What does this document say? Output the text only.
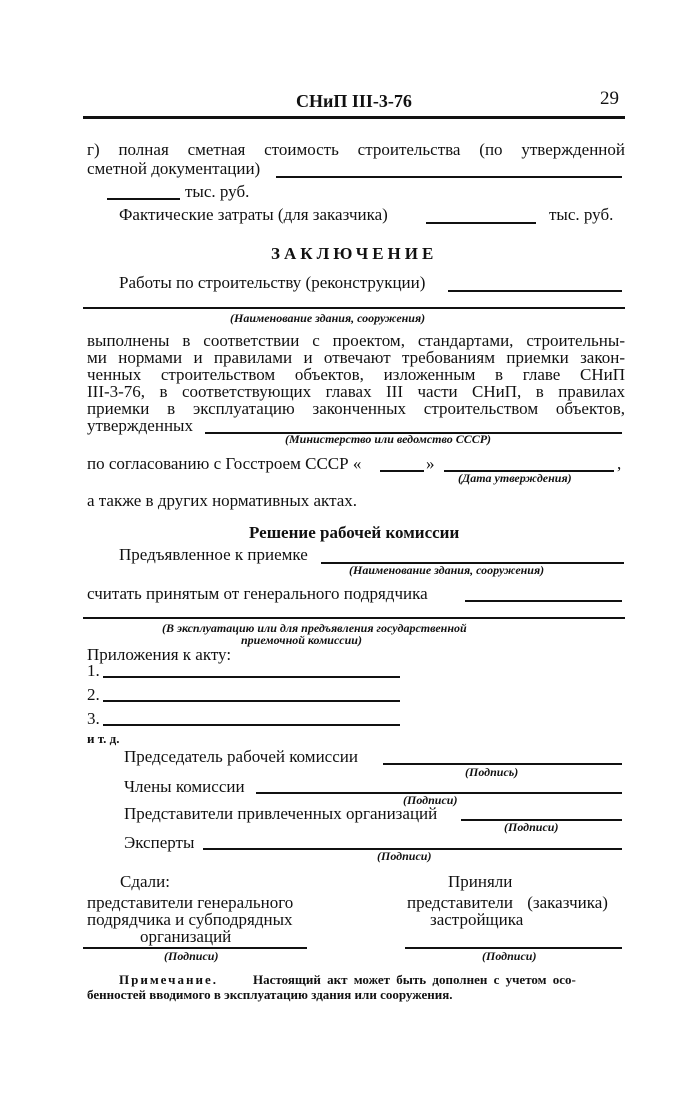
СНиП III-3-76	29
г) полная сметная стоимость строительства (по утвержденной
сметной документации)
тыс. руб.
Фактические затраты (для заказчика)	тыс. руб.
ЗАКЛЮЧЕНИЕ
Работы по строительству (реконструкции)
(Наименование здания, сооружения)
выполнены в соответствии с проектом, стандартами, строительны-
ми нормами и правилами и отвечают требованиям приемки закон-
ченных строительством объектов, изложенным в главе СНиП
III-3-76, в соответствующих главах III части СНиП, в правилах
приемки в эксплуатацию законченных строительством объектов,
утвержденных
(Министерство или ведомство СССР)
по согласованию с Госстроем СССР «	»	,
(Дата утверждения)
а также в других нормативных актах.
Решение рабочей комиссии
Предъявленное к приемке
(Наименование здания, сооружения)
считать принятым от генерального подрядчика
(В эксплуатацию или для предъявления государственной
приемочной комиссии)
Приложения к акту:
1.
2.
3.
и т. д.
Председатель рабочей комиссии
(Подпись)
Члены комиссии
(Подписи)
Представители привлеченных организаций
(Подписи)
Эксперты
(Подписи)
Сдали:
представители генерального
подрядчика и субподрядных
организаций
(Подписи)
Приняли
представители (заказчика)
застройщика
(Подписи)
Примечание.	Настоящий акт может быть дополнен с учетом осо-
бенностей вводимого в эксплуатацию здания или сооружения.
